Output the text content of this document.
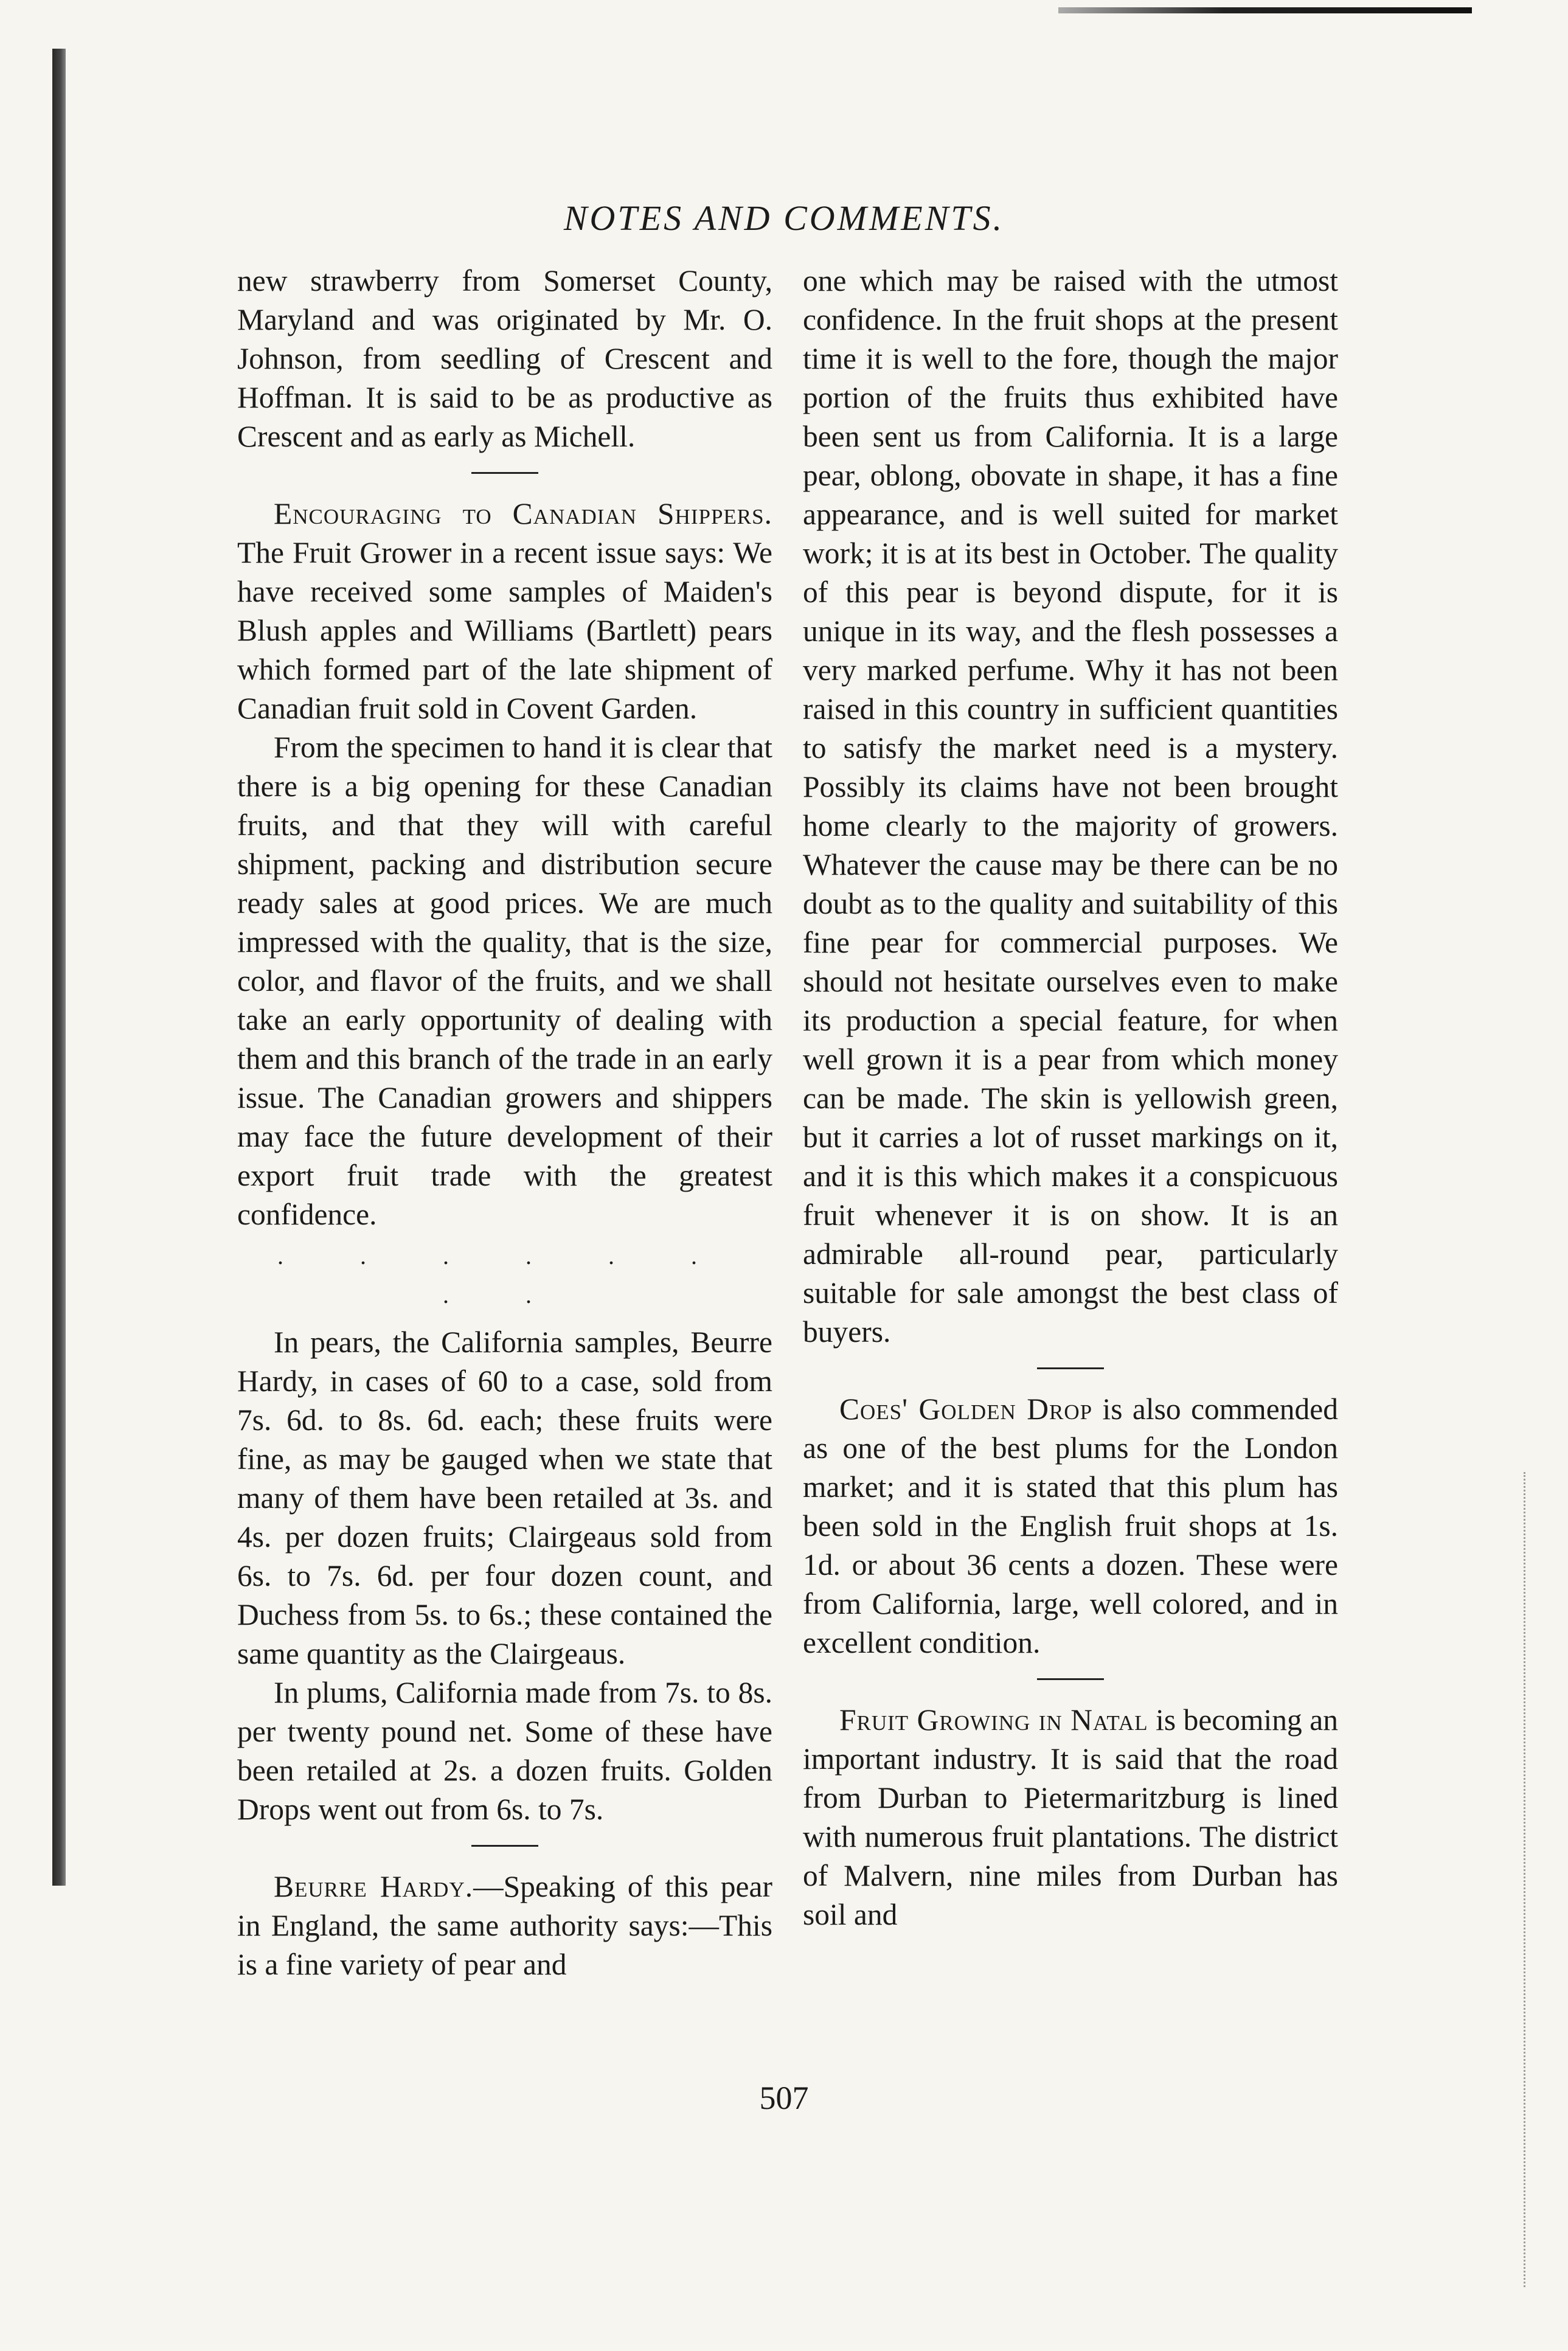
NOTES AND COMMENTS.

new strawberry from Somerset County, Maryland and was originated by Mr. O. Johnson, from seedling of Crescent and Hoffman. It is said to be as productive as Crescent and as early as Michell.

Encouraging to Canadian Shippers. The Fruit Grower in a recent issue says: We have received some samples of Maiden's Blush apples and Williams (Bartlett) pears which formed part of the late shipment of Canadian fruit sold in Covent Garden.

From the specimen to hand it is clear that there is a big opening for these Canadian fruits, and that they will with careful shipment, packing and distribution secure ready sales at good prices. We are much impressed with the quality, that is the size, color, and flavor of the fruits, and we shall take an early opportunity of dealing with them and this branch of the trade in an early issue. The Canadian growers and shippers may face the future development of their export fruit trade with the greatest confidence.

. . . . . . . .

In pears, the California samples, Beurre Hardy, in cases of 60 to a case, sold from 7s. 6d. to 8s. 6d. each; these fruits were fine, as may be gauged when we state that many of them have been retailed at 3s. and 4s. per dozen fruits; Clairgeaus sold from 6s. to 7s. 6d. per four dozen count, and Duchess from 5s. to 6s.; these contained the same quantity as the Clairgeaus.

In plums, California made from 7s. to 8s. per twenty pound net. Some of these have been retailed at 2s. a dozen fruits. Golden Drops went out from 6s. to 7s.

Beurre Hardy.—Speaking of this pear in England, the same authority says:—This is a fine variety of pear and

one which may be raised with the utmost confidence. In the fruit shops at the present time it is well to the fore, though the major portion of the fruits thus exhibited have been sent us from California. It is a large pear, oblong, obovate in shape, it has a fine appearance, and is well suited for market work; it is at its best in October. The quality of this pear is beyond dispute, for it is unique in its way, and the flesh possesses a very marked perfume. Why it has not been raised in this country in sufficient quantities to satisfy the market need is a mystery. Possibly its claims have not been brought home clearly to the majority of growers. Whatever the cause may be there can be no doubt as to the quality and suitability of this fine pear for commercial purposes. We should not hesitate ourselves even to make its production a special feature, for when well grown it is a pear from which money can be made. The skin is yellowish green, but it carries a lot of russet markings on it, and it is this which makes it a conspicuous fruit whenever it is on show. It is an admirable all-round pear, particularly suitable for sale amongst the best class of buyers.

Coes' Golden Drop is also commended as one of the best plums for the London market; and it is stated that this plum has been sold in the English fruit shops at 1s. 1d. or about 36 cents a dozen. These were from California, large, well colored, and in excellent condition.

Fruit Growing in Natal is becoming an important industry. It is said that the road from Durban to Pietermaritzburg is lined with numerous fruit plantations. The district of Malvern, nine miles from Durban has soil and

507
